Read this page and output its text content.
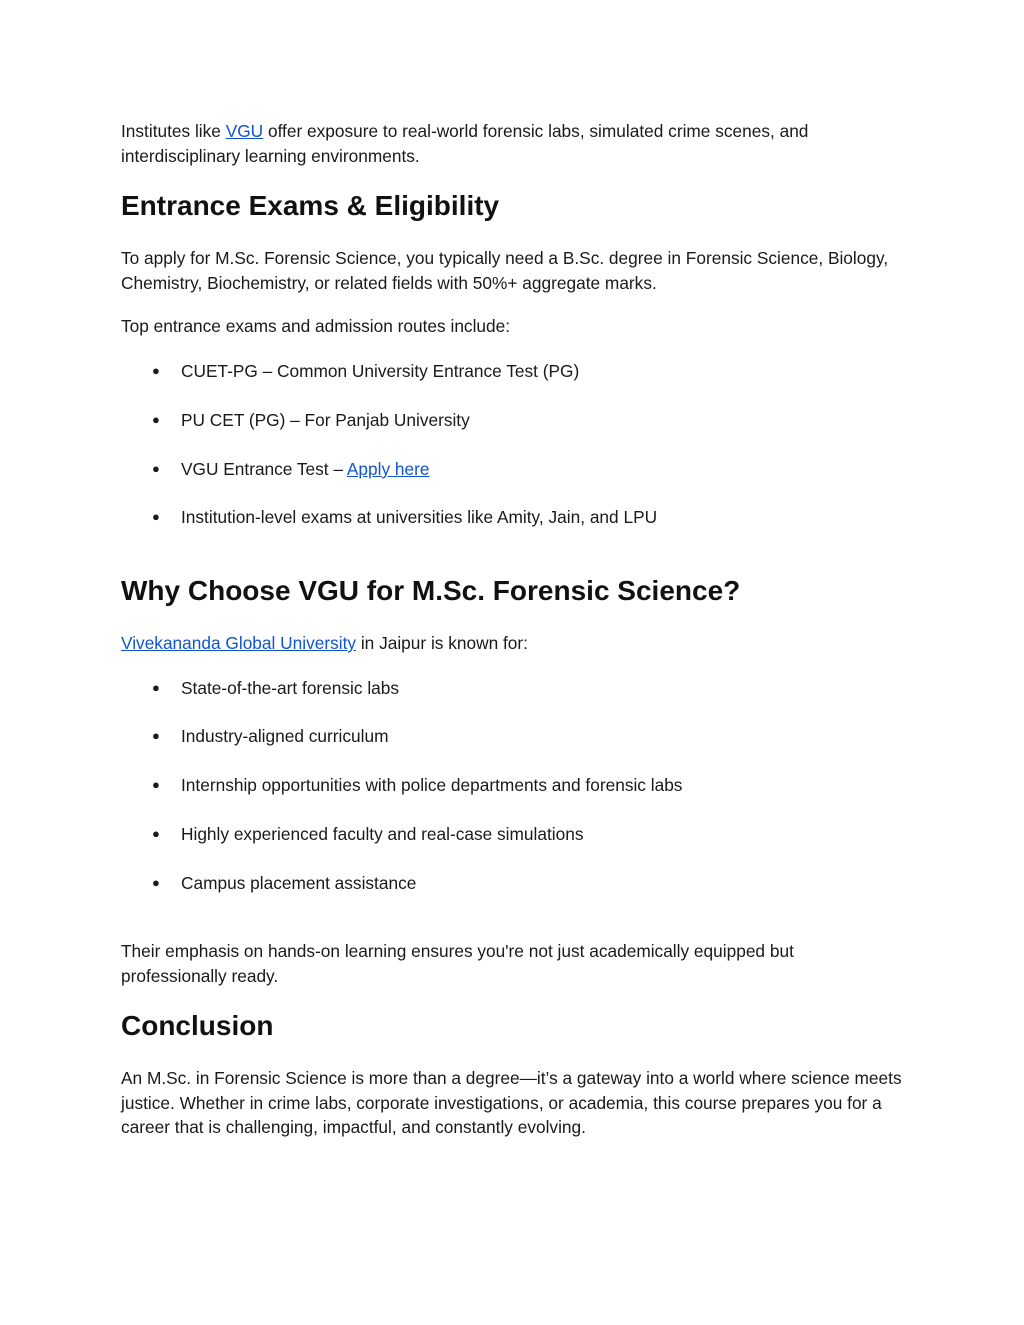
Institutes like VGU offer exposure to real-world forensic labs, simulated crime scenes, and interdisciplinary learning environments.

Entrance Exams & Eligibility

To apply for M.Sc. Forensic Science, you typically need a B.Sc. degree in Forensic Science, Biology, Chemistry, Biochemistry, or related fields with 50%+ aggregate marks.

Top entrance exams and admission routes include:

● CUET-PG – Common University Entrance Test (PG)
● PU CET (PG) – For Panjab University
● VGU Entrance Test – Apply here
● Institution-level exams at universities like Amity, Jain, and LPU
Why Choose VGU for M.Sc. Forensic Science?

Vivekananda Global University in Jaipur is known for:

● State-of-the-art forensic labs
● Industry-aligned curriculum
● Internship opportunities with police departments and forensic labs
● Highly experienced faculty and real-case simulations
● Campus placement assistance

Their emphasis on hands-on learning ensures you're not just academically equipped but professionally ready.

Conclusion

An M.Sc. in Forensic Science is more than a degree—it’s a gateway into a world where science meets justice. Whether in crime labs, corporate investigations, or academia, this course prepares you for a career that is challenging, impactful, and constantly evolving.
